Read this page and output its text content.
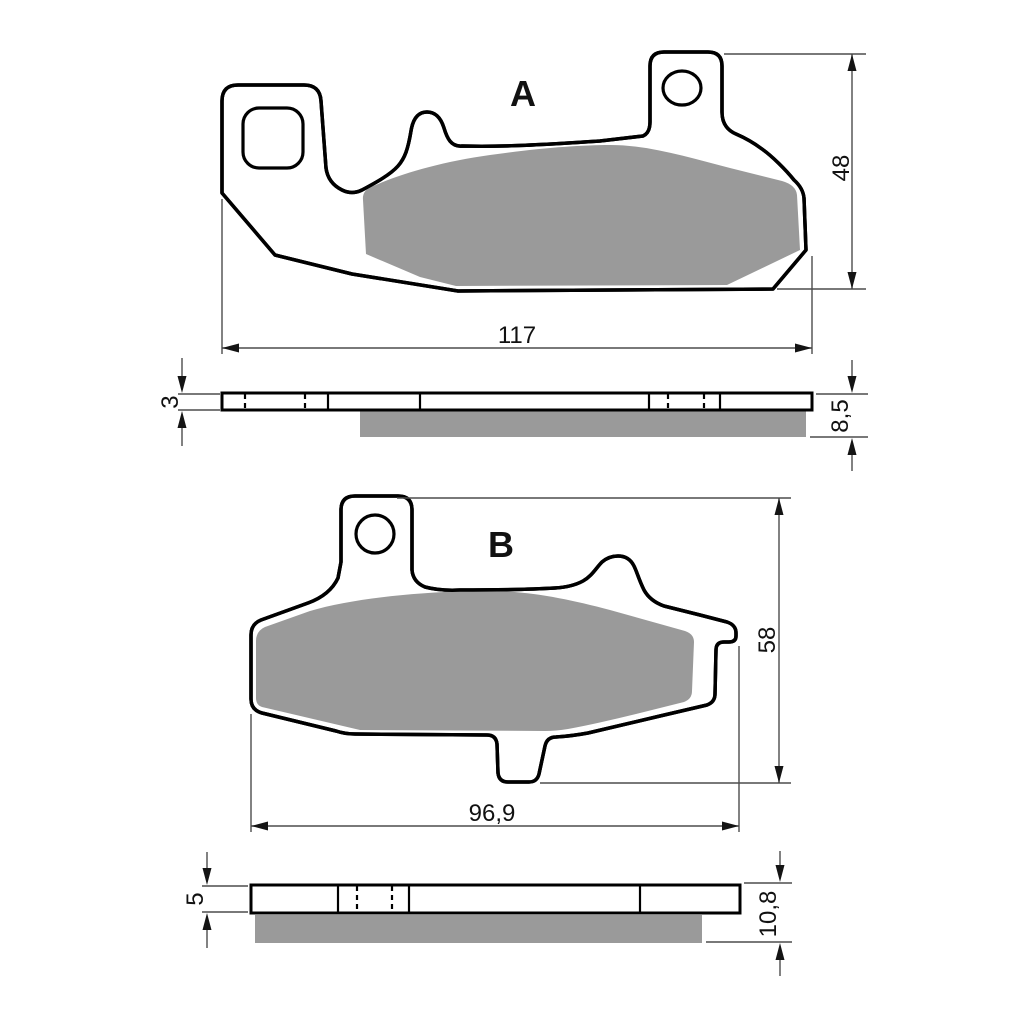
A
117
48
3	8,5
B
96,9
58
5	10,8
